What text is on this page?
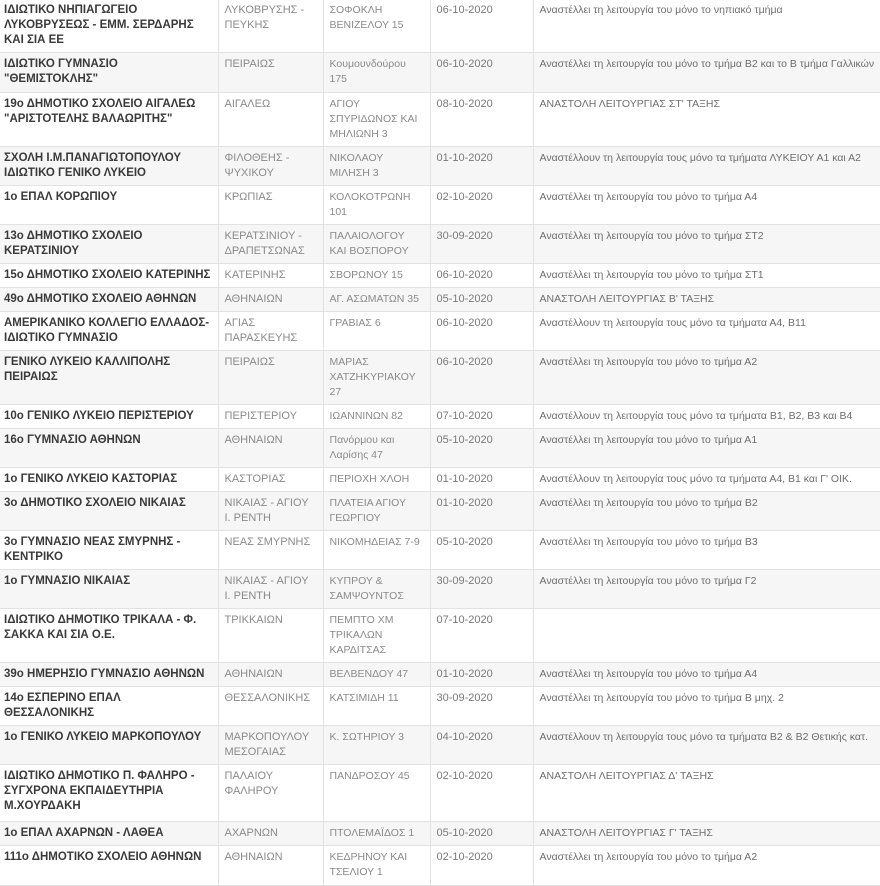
ΙΔΙΩΤΙΚΟ ΝΗΠΙΑΓΩΓΕΙΟ ΛΥΚΟΒΡΥΣΕΩΣ - ΕΜΜ. ΣΕΡΔΑΡΗΣ ΚΑΙ ΣΙΑ ΕΕ	ΛΥΚΟΒΡΥΣΗΣ - ΠΕΥΚΗΣ	ΣΟΦΟΚΛΗ ΒΕΝΙΖΕΛΟΥ 15	06-10-2020	Αναστέλλει τη λειτουργία του μόνο το νηπιακό τμήμα
ΙΔΙΩΤΙΚΟ ΓΥΜΝΑΣΙΟ "ΘΕΜΙΣΤΟΚΛΗΣ"	ΠΕΙΡΑΙΩΣ	Κουμουνδούρου 175	06-10-2020	Αναστέλλει τη λειτουργία του μόνο το τμήμα Β2 και το Β τμήμα Γαλλικών
19ο ΔΗΜΟΤΙΚΟ ΣΧΟΛΕΙΟ ΑΙΓΑΛΕΩ "ΑΡΙΣΤΟΤΕΛΗΣ ΒΑΛΑΩΡΙΤΗΣ"	ΑΙΓΑΛΕΩ	ΑΓΙΟΥ ΣΠΥΡΙΔΩΝΟΣ ΚΑΙ ΜΗΛΙΩΝΗ 3	08-10-2020	ΑΝΑΣΤΟΛΗ ΛΕΙΤΟΥΡΓΙΑΣ ΣΤ' ΤΑΞΗΣ
ΣΧΟΛΗ Ι.Μ.ΠΑΝΑΓΙΩΤΟΠΟΥΛΟΥ ΙΔΙΩΤΙΚΟ ΓΕΝΙΚΟ ΛΥΚΕΙΟ	ΦΙΛΟΘΕΗΣ - ΨΥΧΙΚΟΥ	ΝΙΚΟΛΑΟΥ ΜΙΛΗΣΗ 3	01-10-2020	Αναστέλλουν τη λειτουργία τους μόνο τα τμήματα ΛΥΚΕΙΟΥ Α1 και Α2
1ο ΕΠΑΛ ΚΟΡΩΠΙΟΥ	ΚΡΩΠΙΑΣ	ΚΟΛΟΚΟΤΡΩΝΗ 101	02-10-2020	Αναστέλλει τη λειτουργία του μόνο το τμήμα Α4
13ο ΔΗΜΟΤΙΚΟ ΣΧΟΛΕΙΟ ΚΕΡΑΤΣΙΝΙΟΥ	ΚΕΡΑΤΣΙΝΙΟΥ - ΔΡΑΠΕΤΣΩΝΑΣ	ΠΑΛΑΙΟΛΟΓΟΥ ΚΑΙ ΒΟΣΠΟΡΟΥ	30-09-2020	Αναστέλλει τη λειτουργία του μόνο το τμήμα ΣΤ2
15ο ΔΗΜΟΤΙΚΟ ΣΧΟΛΕΙΟ ΚΑΤΕΡΙΝΗΣ	ΚΑΤΕΡΙΝΗΣ	ΣΒΟΡΩΝΟΥ 15	06-10-2020	Αναστέλλει τη λειτουργία του μόνο το τμήμα ΣΤ1
49ο ΔΗΜΟΤΙΚΟ ΣΧΟΛΕΙΟ ΑΘΗΝΩΝ	ΑΘΗΝΑΙΩΝ	ΑΓ. ΑΣΩΜΑΤΩΝ 35	05-10-2020	ΑΝΑΣΤΟΛΗ ΛΕΙΤΟΥΡΓΙΑΣ Β' ΤΑΞΗΣ
ΑΜΕΡΙΚΑΝΙΚΟ ΚΟΛΛΕΓΙΟ ΕΛΛΑΔΟΣ-ΙΔΙΩΤΙΚΟ ΓΥΜΝΑΣΙΟ	ΑΓΙΑΣ ΠΑΡΑΣΚΕΥΗΣ	ΓΡΑΒΙΑΣ 6	06-10-2020	Αναστέλλουν τη λειτουργία τους μόνο τα τμήματα Α4, Β11
ΓΕΝΙΚΟ ΛΥΚΕΙΟ ΚΑΛΛΙΠΟΛΗΣ ΠΕΙΡΑΙΩΣ	ΠΕΙΡΑΙΩΣ	ΜΑΡΙΑΣ ΧΑΤΖΗΚΥΡΙΑΚΟΥ 27	06-10-2020	Αναστέλλει τη λειτουργία του μόνο το τμήμα Α2
10ο ΓΕΝΙΚΟ ΛΥΚΕΙΟ ΠΕΡΙΣΤΕΡΙΟΥ	ΠΕΡΙΣΤΕΡΙΟΥ	ΙΩΑΝΝΙΝΩΝ 82	07-10-2020	Αναστέλλουν τη λειτουργία τους μόνο τα τμήματα Β1, Β2, Β3 και Β4
16ο ΓΥΜΝΑΣΙΟ ΑΘΗΝΩΝ	ΑΘΗΝΑΙΩΝ	Πανόρμου και Λαρίσης 47	05-10-2020	Αναστέλλει τη λειτουργία του μόνο το τμήμα Α1
1ο ΓΕΝΙΚΟ ΛΥΚΕΙΟ ΚΑΣΤΟΡΙΑΣ	ΚΑΣΤΟΡΙΑΣ	ΠΕΡΙΟΧΗ ΧΛΟΗ	01-10-2020	Αναστέλλουν τη λειτουργία τους μόνο τα τμήματα Α4, Β1 και Γ' ΟΙΚ.
3ο ΔΗΜΟΤΙΚΟ ΣΧΟΛΕΙΟ ΝΙΚΑΙΑΣ	ΝΙΚΑΙΑΣ - ΑΓΙΟΥ Ι. ΡΕΝΤΗ	ΠΛΑΤΕΙΑ ΑΓΙΟΥ ΓΕΩΡΓΙΟΥ	01-10-2020	Αναστέλλει τη λειτουργία του μόνο το τμήμα Β2
3ο ΓΥΜΝΑΣΙΟ ΝΕΑΣ ΣΜΥΡΝΗΣ - ΚΕΝΤΡΙΚΟ	ΝΕΑΣ ΣΜΥΡΝΗΣ	ΝΙΚΟΜΗΔΕΙΑΣ 7-9	05-10-2020	Αναστέλλει τη λειτουργία του μόνο το τμήμα Β3
1ο ΓΥΜΝΑΣΙΟ ΝΙΚΑΙΑΣ	ΝΙΚΑΙΑΣ - ΑΓΙΟΥ Ι. ΡΕΝΤΗ	ΚΥΠΡΟΥ & ΣΑΜΨΟΥΝΤΟΣ	30-09-2020	Αναστέλλει τη λειτουργία του μόνο το τμήμα Γ2
ΙΔΙΩΤΙΚΟ ΔΗΜΟΤΙΚΟ ΤΡΙΚΑΛΑ - Φ. ΣΑΚΚΑ ΚΑΙ ΣΙΑ Ο.Ε.	ΤΡΙΚΚΑΙΩΝ	ΠΕΜΠΤΟ ΧΜ ΤΡΙΚΑΛΩΝ ΚΑΡΔΙΤΣΑΣ	07-10-2020	
39ο ΗΜΕΡΗΣΙΟ ΓΥΜΝΑΣΙΟ ΑΘΗΝΩΝ	ΑΘΗΝΑΙΩΝ	ΒΕΛΒΕΝΔΟΥ 47	01-10-2020	Αναστέλλει τη λειτουργία του μόνο το τμήμα Α4
14ο ΕΣΠΕΡΙΝΟ ΕΠΑΛ ΘΕΣΣΑΛΟΝΙΚΗΣ	ΘΕΣΣΑΛΟΝΙΚΗΣ	ΚΑΤΣΙΜΙΔΗ 11	30-09-2020	Αναστέλλει τη λειτουργία του μόνο το τμήμα Β μηχ. 2
1ο ΓΕΝΙΚΟ ΛΥΚΕΙΟ ΜΑΡΚΟΠΟΥΛΟΥ	ΜΑΡΚΟΠΟΥΛΟΥ ΜΕΣΟΓΑΙΑΣ	Κ. ΣΩΤΗΡΙΟΥ 3	04-10-2020	Αναστέλλουν τη λειτουργία τους μόνο τα τμήματα Β2 & Β2 Θετικής κατ.
ΙΔΙΩΤΙΚΟ ΔΗΜΟΤΙΚΟ Π. ΦΑΛΗΡΟ - ΣΥΓΧΡΟΝΑ ΕΚΠΑΙΔΕΥΤΗΡΙΑ Μ.ΧΟΥΡΔΑΚΗ	ΠΑΛΑΙΟΥ ΦΑΛΗΡΟΥ	ΠΑΝΔΡΟΣΟΥ 45	02-10-2020	ΑΝΑΣΤΟΛΗ ΛΕΙΤΟΥΡΓΙΑΣ Δ' ΤΑΞΗΣ
1ο ΕΠΑΛ ΑΧΑΡΝΩΝ - ΛΑΘΕΑ	ΑΧΑΡΝΩΝ	ΠΤΟΛΕΜΑΪΔΟΣ 1	05-10-2020	ΑΝΑΣΤΟΛΗ ΛΕΙΤΟΥΡΓΙΑΣ Γ' ΤΑΞΗΣ
111ο ΔΗΜΟΤΙΚΟ ΣΧΟΛΕΙΟ ΑΘΗΝΩΝ	ΑΘΗΝΑΙΩΝ	ΚΕΔΡΗΝΟΥ ΚΑΙ ΤΣΕΛΙΟΥ 1	02-10-2020	Αναστέλλει τη λειτουργία του μόνο το τμήμα Α2
